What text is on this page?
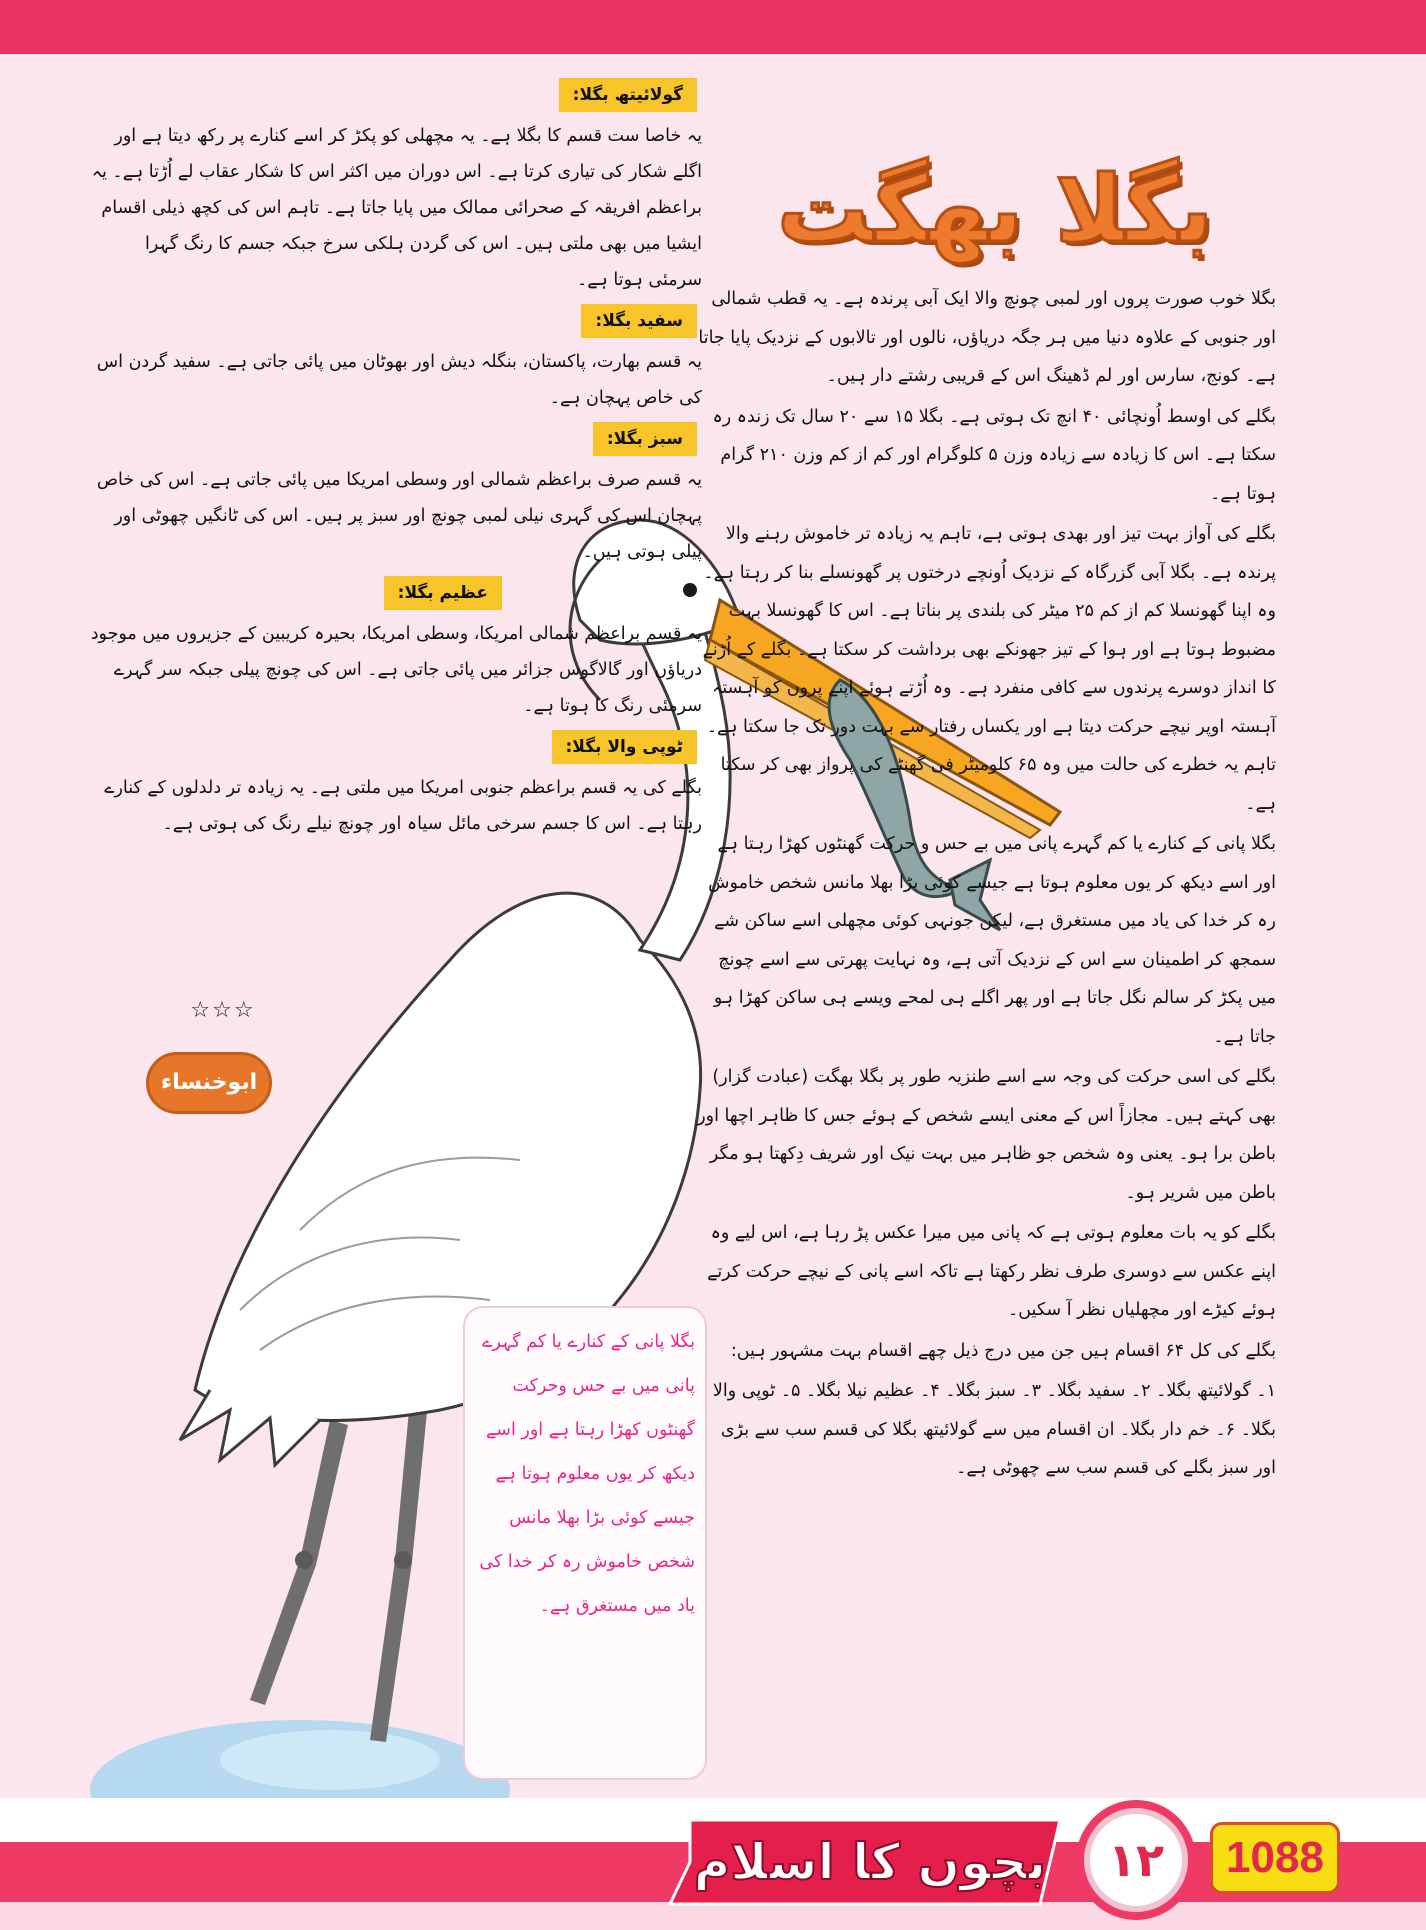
بگلا بھگت

بگلا خوب صورت پروں اور لمبی چونچ والا ایک آبی پرندہ ہے۔ یہ قطب شمالی اور جنوبی کے علاوہ دنیا میں ہر جگہ دریاؤں، نالوں اور تالابوں کے نزدیک پایا جاتا ہے۔ کونج، سارس اور لم ڈھینگ اس کے قریبی رشتے دار ہیں۔

بگلے کی اوسط اُونچائی ۴۰ انچ تک ہوتی ہے۔ بگلا ۱۵ سے ۲۰ سال تک زندہ رہ سکتا ہے۔ اس کا زیادہ سے زیادہ وزن ۵ کلوگرام اور کم از کم وزن ۲۱۰ گرام ہوتا ہے۔

بگلے کی آواز بہت تیز اور بھدی ہوتی ہے، تاہم یہ زیادہ تر خاموش رہنے والا پرندہ ہے۔ بگلا آبی گزرگاہ کے نزدیک اُونچے درختوں پر گھونسلے بنا کر رہتا ہے۔ وہ اپنا گھونسلا کم از کم ۲۵ میٹر کی بلندی پر بناتا ہے۔ اس کا گھونسلا بہت مضبوط ہوتا ہے اور ہوا کے تیز جھونکے بھی برداشت کر سکتا ہے۔ بگلے کے اُڑنے کا انداز دوسرے پرندوں سے کافی منفرد ہے۔ وہ اُڑتے ہوئے اپنے پروں کو آہستہ آہستہ اوپر نیچے حرکت دیتا ہے اور یکساں رفتار سے بہت دور تک جا سکتا ہے۔ تاہم یہ خطرے کی حالت میں وہ ۶۵ کلومیٹر فی گھنٹے کی پرواز بھی کر سکتا ہے۔

بگلا پانی کے کنارے یا کم گہرے پانی میں بے حس و حرکت گھنٹوں کھڑا رہتا ہے اور اسے دیکھ کر یوں معلوم ہوتا ہے جیسے کوئی بڑا بھلا مانس شخص خاموش رہ کر خدا کی یاد میں مستغرق ہے، لیکن جونہی کوئی مچھلی اسے ساکن شے سمجھ کر اطمینان سے اس کے نزدیک آتی ہے، وہ نہایت پھرتی سے اسے چونچ میں پکڑ کر سالم نگل جاتا ہے اور پھر اگلے ہی لمحے ویسے ہی ساکن کھڑا ہو جاتا ہے۔

بگلے کی اسی حرکت کی وجہ سے اسے طنزیہ طور پر بگلا بھگت (عبادت گزار) بھی کہتے ہیں۔ مجازاً اس کے معنی ایسے شخص کے ہوئے جس کا ظاہر اچھا اور باطن برا ہو۔ یعنی وہ شخص جو ظاہر میں بہت نیک اور شریف دِکھتا ہو مگر باطن میں شریر ہو۔

بگلے کو یہ بات معلوم ہوتی ہے کہ پانی میں میرا عکس پڑ رہا ہے، اس لیے وہ اپنے عکس سے دوسری طرف نظر رکھتا ہے تاکہ اسے پانی کے نیچے حرکت کرتے ہوئے کیڑے اور مچھلیاں نظر آ سکیں۔

بگلے کی کل ۶۴ اقسام ہیں جن میں درج ذیل چھے اقسام بہت مشہور ہیں:

۱۔ گولائیتھ بگلا۔ ۲۔ سفید بگلا۔ ۳۔ سبز بگلا۔ ۴۔ عظیم نیلا بگلا۔ ۵۔ ٹوپی والا بگلا۔ ۶۔ خم دار بگلا۔ ان اقسام میں سے گولائیتھ بگلا کی قسم سب سے بڑی اور سبز بگلے کی قسم سب سے چھوٹی ہے۔

گولائیتھ بگلا:
یہ خاصا ست قسم کا بگلا ہے۔ یہ مچھلی کو پکڑ کر اسے کنارے پر رکھ دیتا ہے اور اگلے شکار کی تیاری کرتا ہے۔ اس دوران میں اکثر اس کا شکار عقاب لے اُڑتا ہے۔ یہ براعظم افریقہ کے صحرائی ممالک میں پایا جاتا ہے۔ تاہم اس کی کچھ ذیلی اقسام ایشیا میں بھی ملتی ہیں۔ اس کی گردن ہلکی سرخ جبکہ جسم کا رنگ گہرا سرمئی ہوتا ہے۔
سفید بگلا:
یہ قسم بھارت، پاکستان، بنگلہ دیش اور بھوٹان میں پائی جاتی ہے۔ سفید گردن اس کی خاص پہچان ہے۔
سبز بگلا:
یہ قسم صرف براعظم شمالی اور وسطی امریکا میں پائی جاتی ہے۔ اس کی خاص پہچان اس کی گہری نیلی لمبی چونچ اور سبز پر ہیں۔ اس کی ٹانگیں چھوٹی اور پیلی ہوتی ہیں۔
عظیم بگلا:
یہ قسم براعظم شمالی امریکا، وسطی امریکا، بحیرہ کریبین کے جزیروں میں موجود دریاؤں اور گالاگوس جزائر میں پائی جاتی ہے۔ اس کی چونچ پیلی جبکہ سر گہرے سرمئی رنگ کا ہوتا ہے۔
ٹوپی والا بگلا:
بگلے کی یہ قسم براعظم جنوبی امریکا میں ملتی ہے۔ یہ زیادہ تر دلدلوں کے کنارے رہتا ہے۔ اس کا جسم سرخی مائل سیاہ اور چونچ نیلے رنگ کی ہوتی ہے۔
☆☆☆
ابوخنساء
بگلا پانی کے کنارے یا کم گہرے پانی میں بے حس وحرکت گھنٹوں کھڑا رہتا ہے اور اسے دیکھ کر یوں معلوم ہوتا ہے جیسے کوئی بڑا بھلا مانس شخص خاموش رہ کر خدا کی یاد میں مستغرق ہے۔
بچوں کا اسلام	۱۲	1088
